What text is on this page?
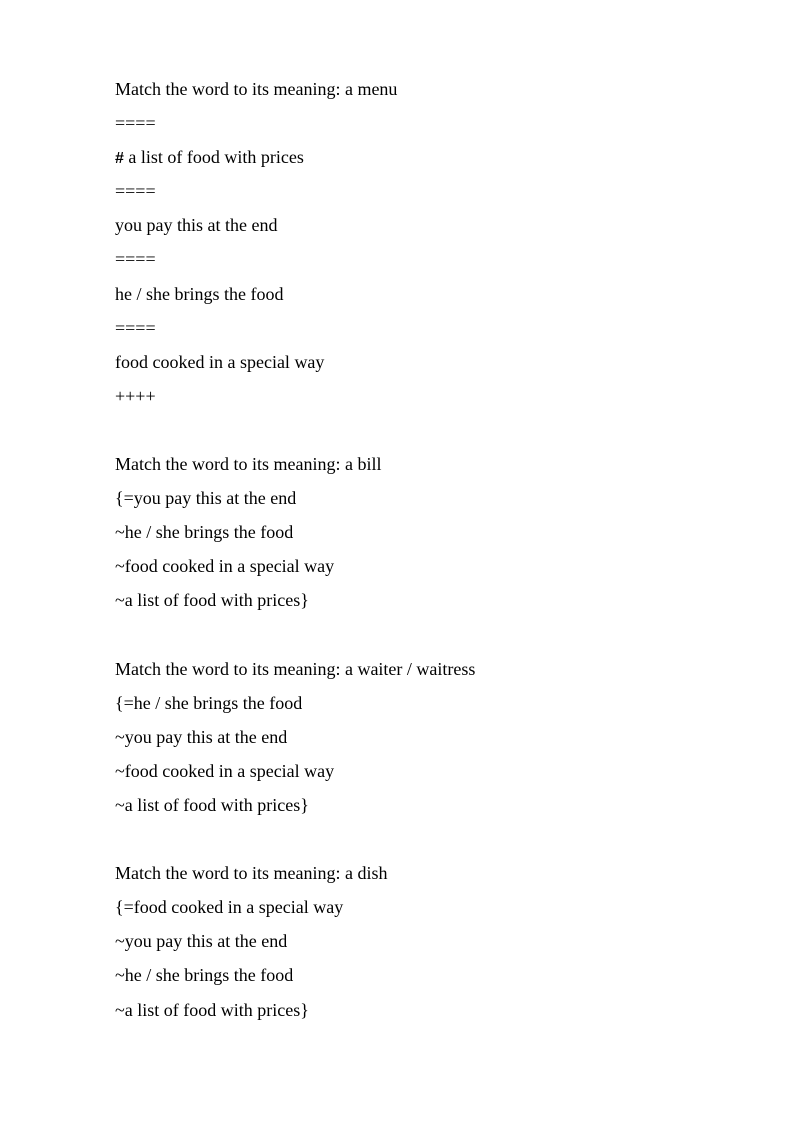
Match the word to its meaning: a menu
====
# a list of food with prices
====
you pay this at the end
====
he / she brings the food
====
food cooked in a special way
++++
Match the word to its meaning: a bill
{=you pay this at the end
~he / she brings the food
~food cooked in a special way
~a list of food with prices}
Match the word to its meaning: a waiter / waitress
{=he / she brings the food
~you pay this at the end
~food cooked in a special way
~a list of food with prices}
Match the word to its meaning: a dish
{=food cooked in a special way
~you pay this at the end
~he / she brings the food
~a list of food with prices}
